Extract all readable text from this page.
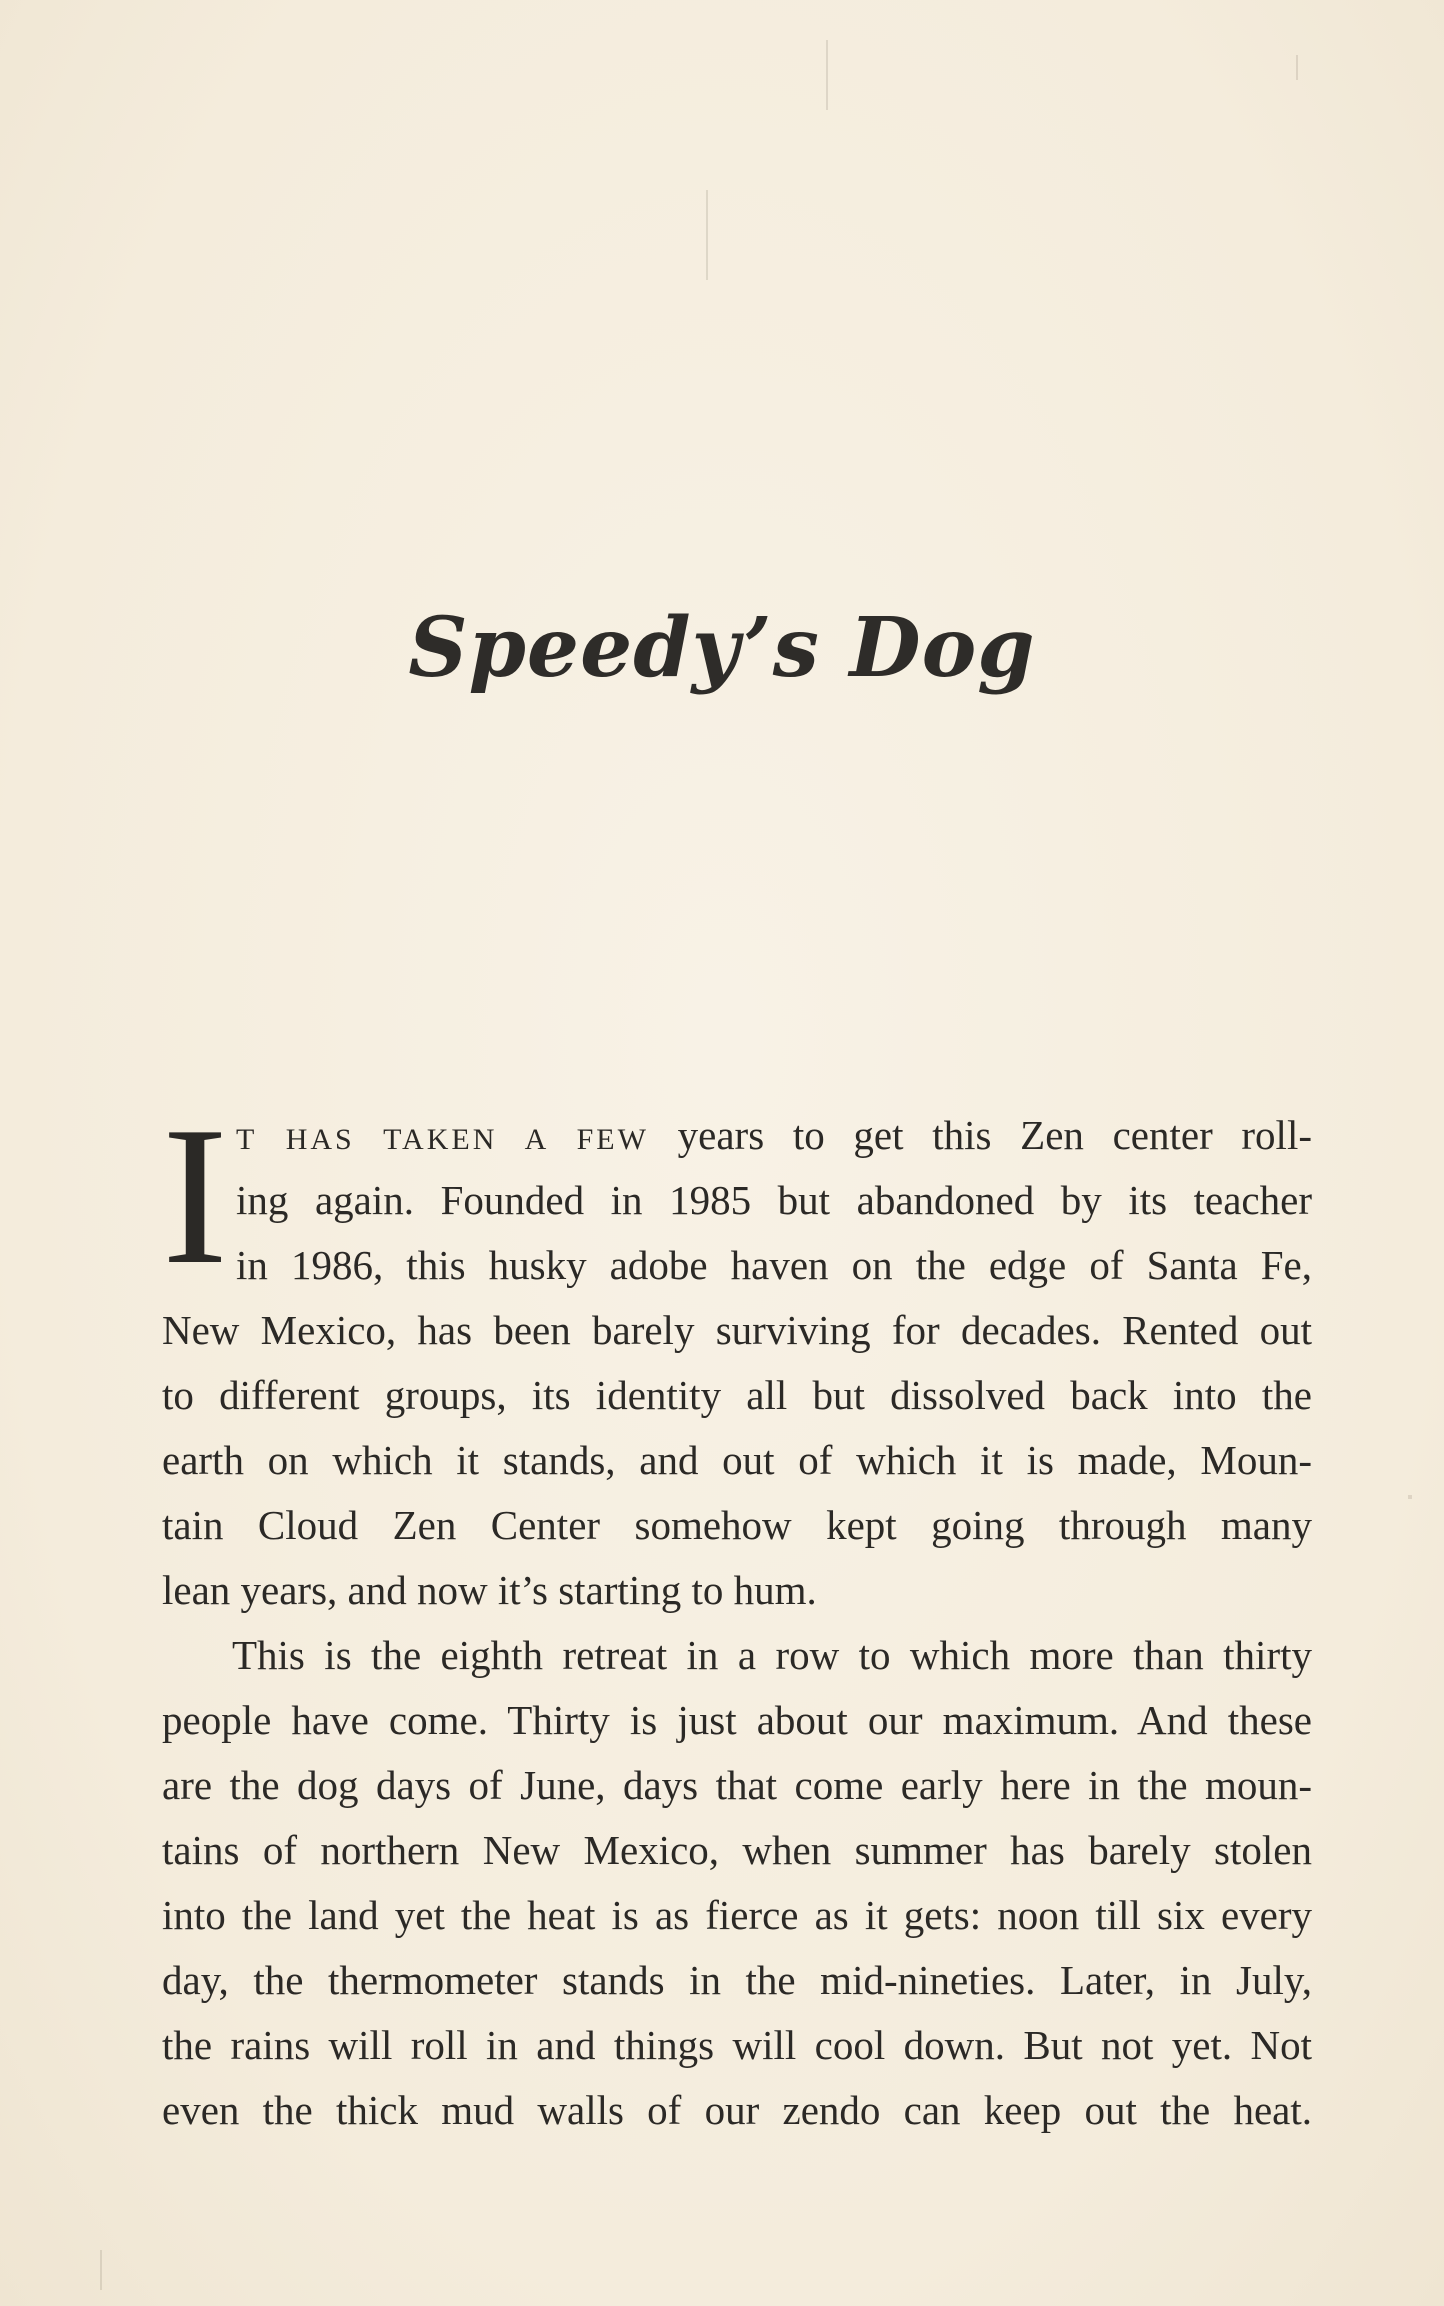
Speedy’s Dog
I T HAS TAKEN A FEW years to get this Zen center roll-
ing again. Founded in 1985 but abandoned by its teacher
in 1986, this husky adobe haven on the edge of Santa Fe,
New Mexico, has been barely surviving for decades. Rented out
to different groups, its identity all but dissolved back into the
earth on which it stands, and out of which it is made, Moun-
tain Cloud Zen Center somehow kept going through many
lean years, and now it’s starting to hum.
This is the eighth retreat in a row to which more than thirty
people have come. Thirty is just about our maximum. And these
are the dog days of June, days that come early here in the moun-
tains of northern New Mexico, when summer has barely stolen
into the land yet the heat is as fierce as it gets: noon till six every
day, the thermometer stands in the mid-nineties. Later, in July,
the rains will roll in and things will cool down. But not yet. Not
even the thick mud walls of our zendo can keep out the heat.
